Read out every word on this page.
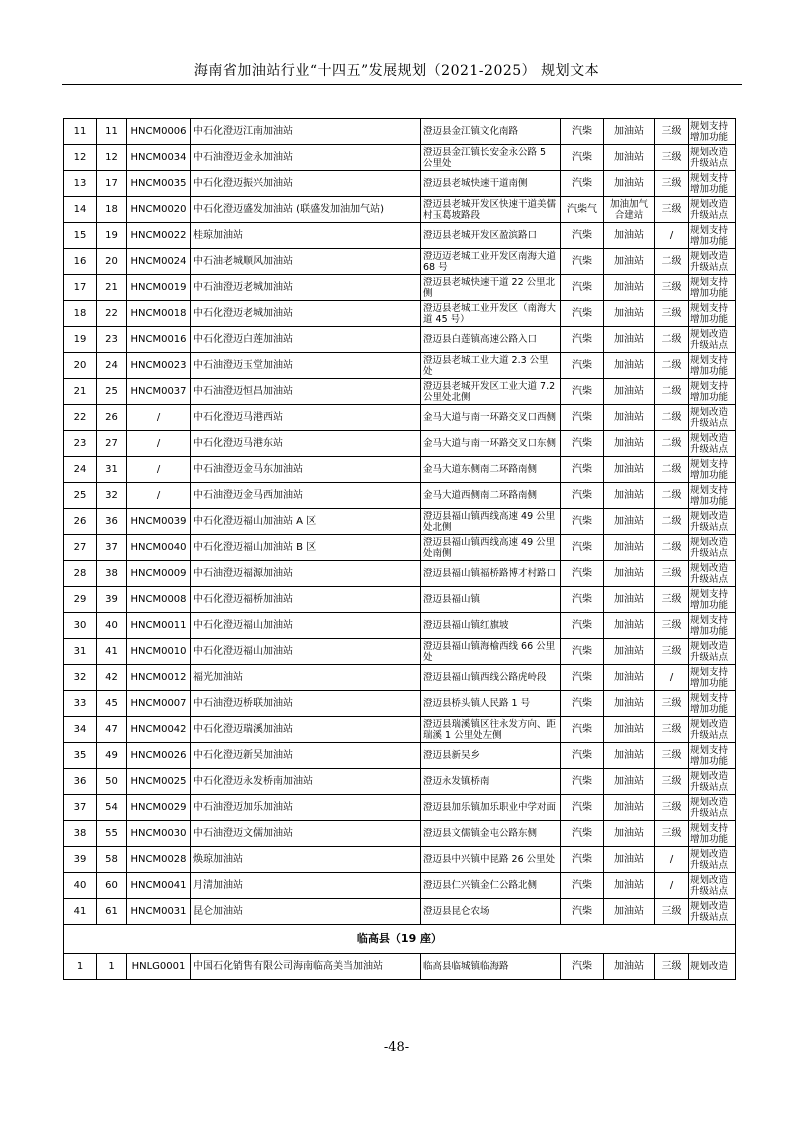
海南省加油站行业“十四五”发展规划（2021-2025） 规划文本
11	11	HNCM0006	中石化澄迈江南加油站	澄迈县金江镇文化南路	汽柴	加油站	三级	规划支持增加功能
12	12	HNCM0034	中石油澄迈金永加油站	澄迈县金江镇长安金永公路 5 公里处	汽柴	加油站	三级	规划改造升级站点
13	17	HNCM0035	中石化澄迈振兴加油站	澄迈县老城快速干道南侧	汽柴	加油站	三级	规划支持增加功能
14	18	HNCM0020	中石化澄迈盛发加油站 (联盛发加油加气站)	澄迈县老城开发区快速干道美儒村玉葛坡路段	汽柴气	加油加气合建站	三级	规划改造升级站点
15	19	HNCM0022	桂琼加油站	澄迈县老城开发区盈滨路口	汽柴	加油站	/	规划支持增加功能
16	20	HNCM0024	中石油老城顺风加油站	澄迈迈老城工业开发区南海大道 68 号	汽柴	加油站	二级	规划改造升级站点
17	21	HNCM0019	中石油澄迈老城加油站	澄迈县老城快速干道 22 公里北侧	汽柴	加油站	三级	规划支持增加功能
18	22	HNCM0018	中石化澄迈老城加油站	澄迈县老城工业开发区（南海大道 45 号）	汽柴	加油站	三级	规划支持增加功能
19	23	HNCM0016	中石化澄迈白莲加油站	澄迈县白莲镇高速公路入口	汽柴	加油站	二级	规划改造升级站点
20	24	HNCM0023	中石油澄迈玉堂加油站	澄迈县老城工业大道 2.3 公里处	汽柴	加油站	二级	规划支持增加功能
21	25	HNCM0037	中石油澄迈恒昌加油站	澄迈县老城开发区工业大道 7.2 公里处北侧	汽柴	加油站	二级	规划支持增加功能
22	26	/	中石化澄迈马港西站	金马大道与南一环路交叉口西侧	汽柴	加油站	二级	规划改造升级站点
23	27	/	中石化澄迈马港东站	金马大道与南一环路交叉口东侧	汽柴	加油站	二级	规划改造升级站点
24	31	/	中石油澄迈金马东加油站	金马大道东侧南二环路南侧	汽柴	加油站	二级	规划支持增加功能
25	32	/	中石油澄迈金马西加油站	金马大道西侧南二环路南侧	汽柴	加油站	二级	规划支持增加功能
26	36	HNCM0039	中石化澄迈福山加油站 A 区	澄迈县福山镇西线高速 49 公里处北侧	汽柴	加油站	二级	规划改造升级站点
27	37	HNCM0040	中石化澄迈福山加油站 B 区	澄迈县福山镇西线高速 49 公里处南侧	汽柴	加油站	二级	规划改造升级站点
28	38	HNCM0009	中石油澄迈福源加油站	澄迈县福山镇福桥路博才村路口	汽柴	加油站	三级	规划改造升级站点
29	39	HNCM0008	中石化澄迈福桥加油站	澄迈县福山镇	汽柴	加油站	三级	规划支持增加功能
30	40	HNCM0011	中石化澄迈福山加油站	澄迈县福山镇红旗坡	汽柴	加油站	三级	规划支持增加功能
31	41	HNCM0010	中石化澄迈福山加油站	澄迈县福山镇海榆西线 66 公里处	汽柴	加油站	三级	规划改造升级站点
32	42	HNCM0012	福光加油站	澄迈县福山镇西线公路虎岭段	汽柴	加油站	/	规划支持增加功能
33	45	HNCM0007	中石油澄迈桥联加油站	澄迈县桥头镇人民路 1 号	汽柴	加油站	三级	规划支持增加功能
34	47	HNCM0042	中石化澄迈瑞溪加油站	澄迈县瑞溪镇区往永发方向、距瑞溪 1 公里处左侧	汽柴	加油站	三级	规划改造升级站点
35	49	HNCM0026	中石化澄迈新吴加油站	澄迈县新吴乡	汽柴	加油站	三级	规划支持增加功能
36	50	HNCM0025	中石化澄迈永发桥南加油站	澄迈永发镇桥南	汽柴	加油站	三级	规划改造升级站点
37	54	HNCM0029	中石油澄迈加乐加油站	澄迈县加乐镇加乐职业中学对面	汽柴	加油站	三级	规划改造升级站点
38	55	HNCM0030	中石油澄迈文儒加油站	澄迈县文儒镇金屯公路东侧	汽柴	加油站	三级	规划支持增加功能
39	58	HNCM0028	焕琼加油站	澄迈县中兴镇中昆路 26 公里处	汽柴	加油站	/	规划改造升级站点
40	60	HNCM0041	月清加油站	澄迈县仁兴镇金仁公路北侧	汽柴	加油站	/	规划改造升级站点
41	61	HNCM0031	昆仑加油站	澄迈县昆仑农场	汽柴	加油站	三级	规划改造升级站点
临高县（19 座）								
1	1	HNLG0001	中国石化销售有限公司海南临高美当加油站	临高县临城镇临海路	汽柴	加油站	三级	规划改造
-48-
